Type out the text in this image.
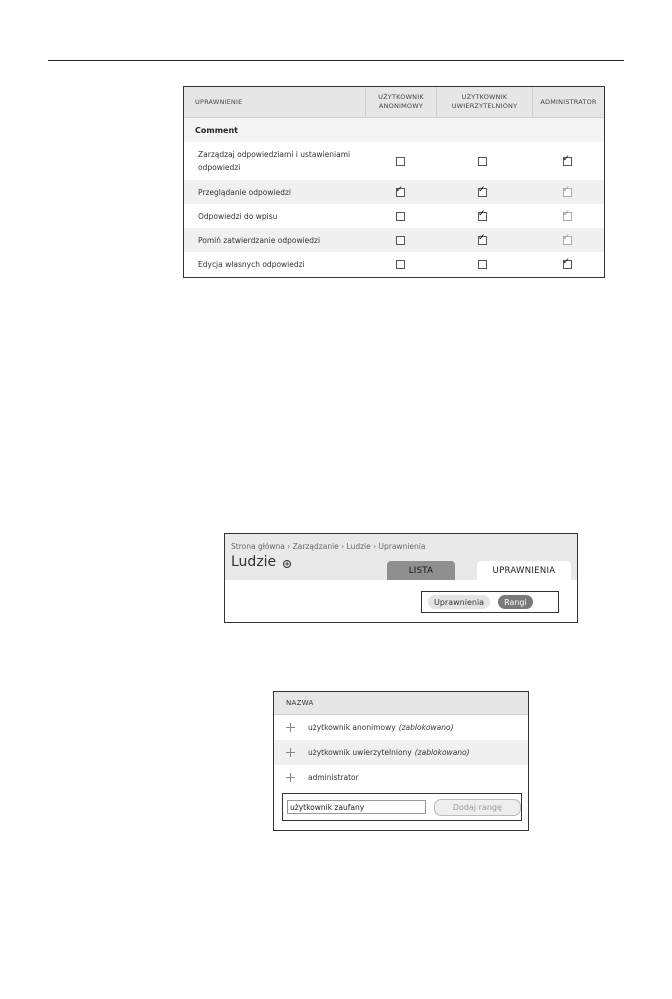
UPRAWNIENIE
UŻYTKOWNIK
ANONIMOWY
UŻYTKOWNIK
UWIERZYTELNIONY
ADMINISTRATOR
Comment
Zarządzaj odpowiedziami i ustawieniami odpowiedzi
✓
Przeglądanie odpowiedzi
✓
✓
✓
Odpowiedzi do wpisu
✓
✓
Pomiń zatwierdzanie odpowiedzi
✓
✓
Edycja własnych odpowiedzi
✓
Strona główna › Zarządzanie › Ludzie › Uprawnienia
Ludzie +
LISTA	UPRAWNIENIA
Uprawnienia	Rangi
NAZWA
użytkownik anonimowy (zablokowano)
użytkownik uwierzytelniony (zablokowano)
administrator
użytkownik zaufany
Dodaj rangę
